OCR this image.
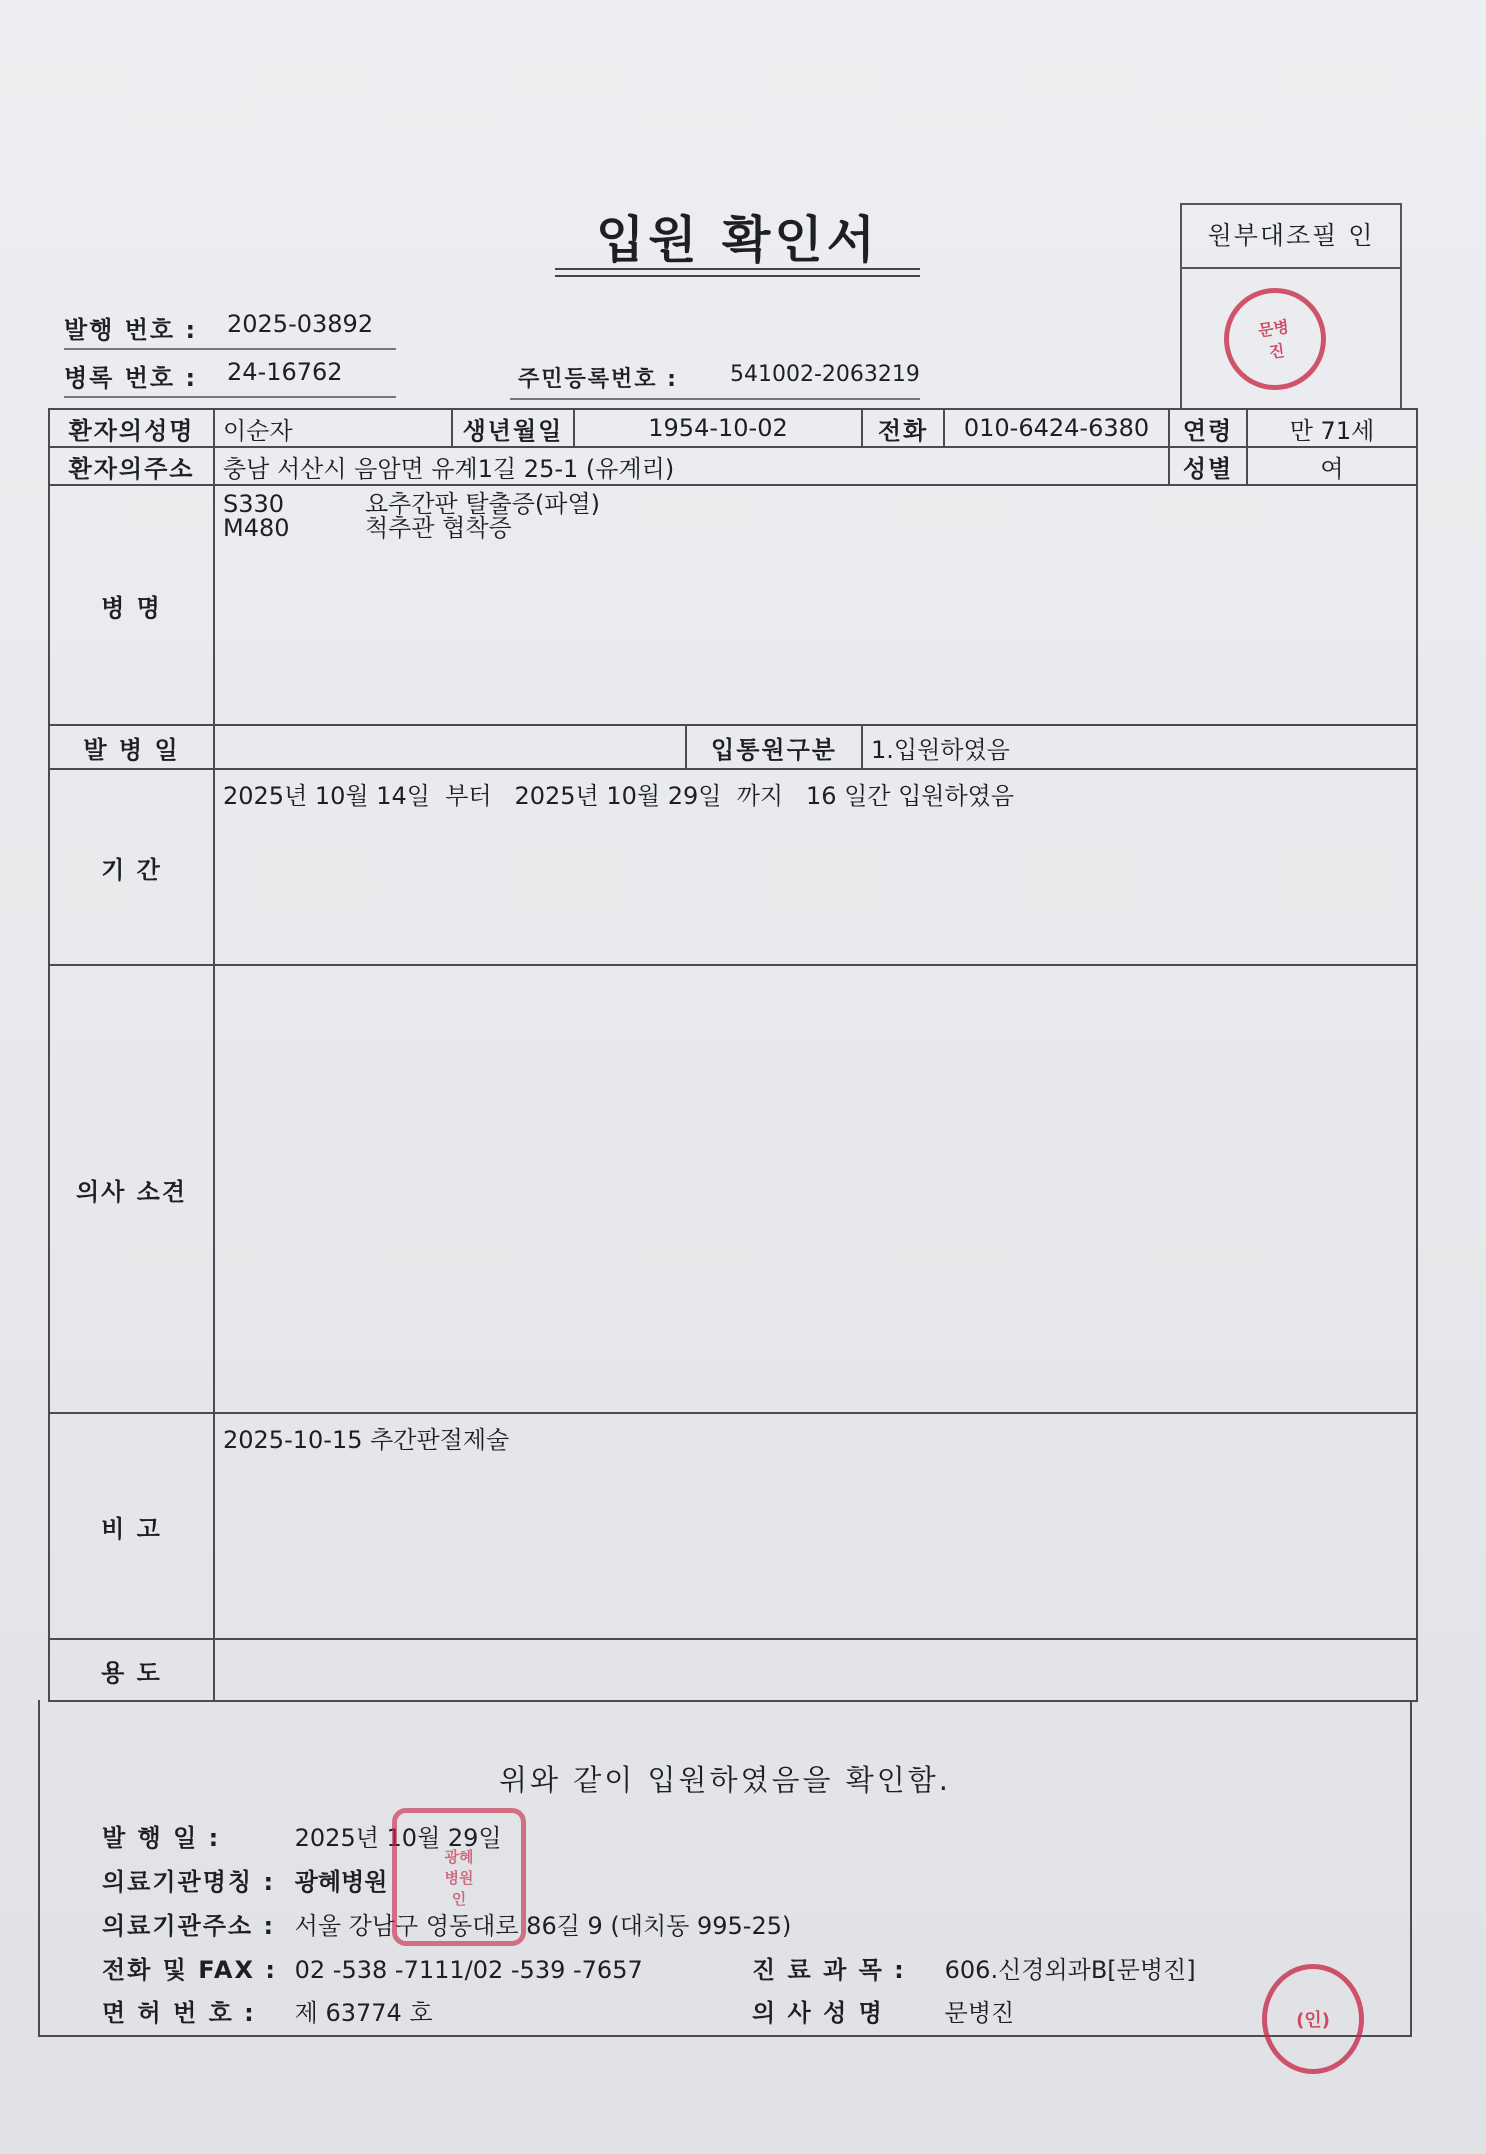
입원 확인서	원부대조필 인
문병
진
발행 번호 : 2025-03892
병록 번호 : 24-16762	주민등록번호 : 541002-2063219
환자의성명	이순자	생년월일	1954-10-02		전화	010-6424-6380	연령	만 71세
환자의주소	충남 서산시 음암면 유계1길 25-1 (유계리)						성별	여
병 명	S330 요추간판 탈출증(파열)
M480 척추관 협착증							

발 병 일				입통원구분	1.입원하였음			
기 간	2025년 10월 14일  부터   2025년 10월 29일  까지   16 일간 입원하였음							
의사 소견								
비 고	2025-10-15 추간판절제술							
용 도								
위와 같이 입원하였음을 확인함.
발 행 일 :	2025년 10월 29일
의료기관명칭 : 광혜병원
의료기관주소 : 서울 강남구 영동대로 86길 9 (대치동 995-25)
전화 및 FAX : 02 -538 -7111/02 -539 -7657
면 허 번 호 : 제 63774 호
진 료 과 목 : 606.신경외과B[문병진]
의 사 성 명	문병진
광혜
병원
인
(인)
